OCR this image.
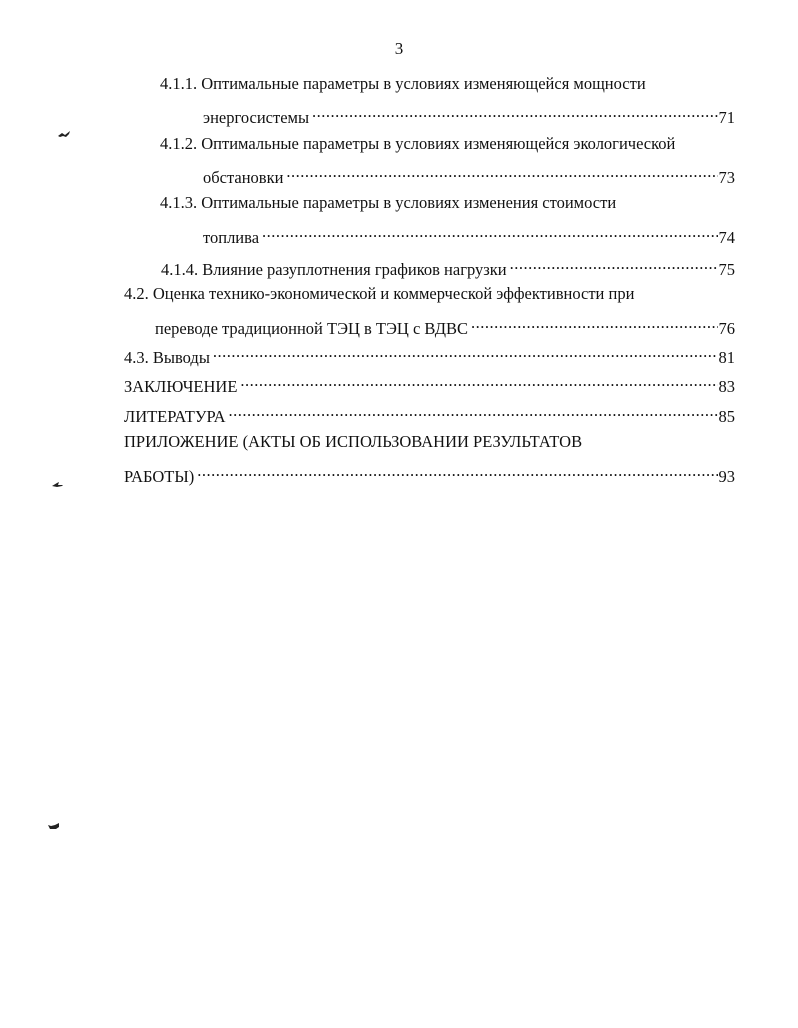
3
4.1.1. Оптимальные параметры в условиях изменяющейся мощности
энергосистемы .....	71
4.1.2. Оптимальные параметры в условиях изменяющейся экологической
обстановки .....	73
4.1.3. Оптимальные параметры в условиях изменения стоимости
топлива .....	74
4.1.4. Влияние разуплотнения графиков нагрузки .....	75
4.2. Оценка технико-экономической и коммерческой эффективности при
переводе традиционной ТЭЦ в ТЭЦ с ВДВС .....	76
4.3. Выводы .....	81
ЗАКЛЮЧЕНИЕ .....	83
ЛИТЕРАТУРА .....	85
ПРИЛОЖЕНИЕ (АКТЫ ОБ ИСПОЛЬЗОВАНИИ РЕЗУЛЬТАТОВ
РАБОТЫ) .....	93
